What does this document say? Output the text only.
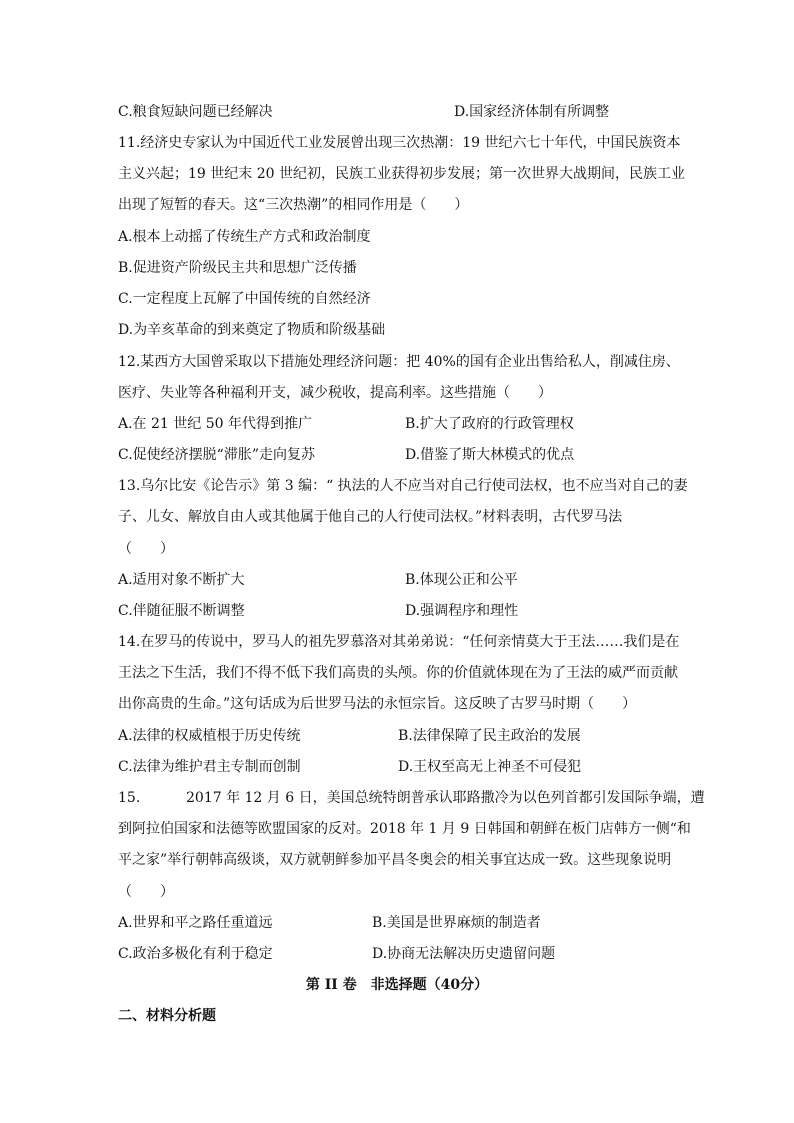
C.粮食短缺问题已经解决	D.国家经济体制有所调整
11.经济史专家认为中国近代工业发展曾出现三次热潮：19 世纪六七十年代，中国民族资本
主义兴起；19 世纪末 20 世纪初，民族工业获得初步发展；第一次世界大战期间，民族工业
出现了短暂的春天。这“三次热潮”的相同作用是（　　）
A.根本上动摇了传统生产方式和政治制度
B.促进资产阶级民主共和思想广泛传播
C.一定程度上瓦解了中国传统的自然经济
D.为辛亥革命的到来奠定了物质和阶级基础
12.某西方大国曾采取以下措施处理经济问题：把 40%的国有企业出售给私人，削减住房、
医疗、失业等各种福利开支，减少税收，提高利率。这些措施（　　）
A.在 21 世纪 50 年代得到推广	B.扩大了政府的行政管理权
C.促使经济摆脱“滞胀”走向复苏	D.借鉴了斯大林模式的优点
13.乌尔比安《论告示》第 3 编：“ 执法的人不应当对自己行使司法权，也不应当对自己的妻
子、儿女、解放自由人或其他属于他自己的人行使司法权。”材料表明，古代罗马法
（　　）
A.适用对象不断扩大	B.体现公正和公平
C.伴随征服不断调整	D.强调程序和理性
14.在罗马的传说中，罗马人的祖先罗慕洛对其弟弟说：“任何亲情莫大于王法……我们是在
王法之下生活，我们不得不低下我们高贵的头颅。你的价值就体现在为了王法的威严而贡献
出你高贵的生命。”这句话成为后世罗马法的永恒宗旨。这反映了古罗马时期（　　）
A.法律的权威植根于历史传统	B.法律保障了民主政治的发展
C.法律为维护君主专制而创制	D.王权至高无上神圣不可侵犯
15.	2017 年 12 月 6 日，美国总统特朗普承认耶路撒冷为以色列首都引发国际争端，遭
到阿拉伯国家和法德等欧盟国家的反对。2018 年 1 月 9 日韩国和朝鲜在板门店韩方一侧“和
平之家”举行朝韩高级谈，双方就朝鲜参加平昌冬奥会的相关事宜达成一致。这些现象说明
（　　）
A.世界和平之路任重道远	B.美国是世界麻烦的制造者
C.政治多极化有利于稳定	D.协商无法解决历史遗留问题
第 II 卷　非选择题（40分）
二、材料分析题
